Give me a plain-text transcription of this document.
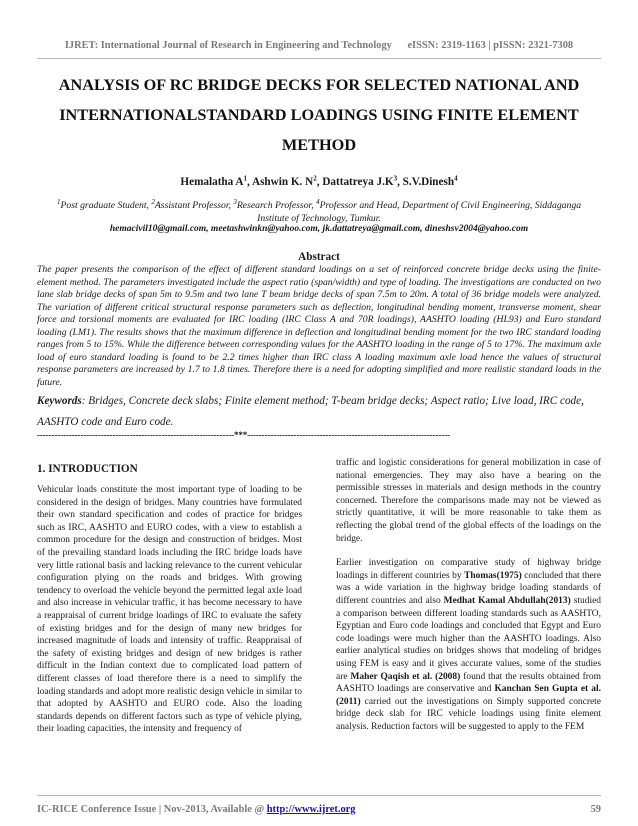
IJRET: International Journal of Research in Engineering and Technology eISSN: 2319-1163 | pISSN: 2321-7308
ANALYSIS OF RC BRIDGE DECKS FOR SELECTED NATIONAL AND INTERNATIONALSTANDARD LOADINGS USING FINITE ELEMENT METHOD
Hemalatha $A^1$, Ashwin K. $N^2$, Dattatreya $J.K^3$, S.V.Dinesh$^4$
$^1$Post graduate Student, $^2$Assistant Professor, $^3$Research Professor, $^4$Professor and Head, Department of Civil Engineering, Siddaganga Institute of Technology, Tumkur.
hemacivil10@gmail.com, meetashwinkn@yahoo.com, jk.dattatreya@gmail.com, dineshsv2004@yahoo.com
Abstract
The paper presents the comparison of the effect of different standard loadings on a set of reinforced concrete bridge decks using the finite-element method. The parameters investigated include the aspect ratio (span/width) and type of loading. The investigations are conducted on two lane slab bridge decks of span 5m to 9.5m and two lane T beam bridge decks of span 7.5m to 20m. A total of 36 bridge models were analyzed. The variation of different critical structural response parameters such as deflection, longitudinal bending moment, transverse moment, shear force and torsional moments are evaluated for IRC loading (IRC Class A and 70R loadings), AASHTO loading (HL93) and Euro standard loading (LM1). The results shows that the maximum difference in deflection and longitudinal bending moment for the two IRC standard loading ranges from 5 to 15%. While the difference between corresponding values for the AASHTO loading in the range of 5 to 17%. The maximum axle load of euro standard loading is found to be 2.2 times higher than IRC class A loading maximum axle load hence the values of structural response parameters are increased by 1.7 to 1.8 times. Therefore there is a need for adopting simplified and more realistic standard loads in the future.
Keywords: Bridges, Concrete deck slabs; Finite element method; T-beam bridge decks; Aspect ratio; Live load, IRC code, AASHTO code and Euro code.
--------------------------------------------------------------------***----------------------------------------------------------------------
1. INTRODUCTION

Vehicular loads constitute the most important type of loading to be considered in the design of bridges. Many countries have formulated their own standard specification and codes of practice for bridges such as IRC, AASHTO and EURO codes, with a view to establish a common procedure for the design and construction of bridges. Most of the prevailing standard loads including the IRC bridge loads have very little rational basis and lacking relevance to the current vehicular configuration plying on the roads and bridges. With growing tendency to overload the vehicle beyond the permitted legal axle load and also increase in vehicular traffic, it has become necessary to have a reappraisal of current bridge loadings of IRC to evaluate the safety of existing bridges and for the design of many new bridges for increased magnitude of loads and intensity of traffic. Reappraisal of the safety of existing bridges and design of new bridges is rather difficult in the Indian context due to complicated load pattern of different classes of load therefore there is a need to simplify the loading standards and adopt more realistic design vehicle in similar to that adopted by AASHTO and EURO code. Also the loading standards depends on different factors such as type of vehicle plying, their loading capacities, the intensity and frequency of

traffic and logistic considerations for general mobilization in case of national emergencies. They may also have a bearing on the permissible stresses in materials and design methods in the country concerned. Therefore the comparisons made may not be viewed as strictly quantitative, it will be more reasonable to take them as reflecting the global trend of the global effects of the loadings on the bridge.

Earlier investigation on comparative study of highway bridge loadings in different countries by Thomas(1975) concluded that there was a wide variation in the highway bridge loading standards of different countries and also Medhat Kamal Abdullah(2013) studied a comparison between different loading standards such as AASHTO, Egyptian and Euro code loadings and concluded that Egypt and Euro code loadings were much higher than the AASHTO loadings. Also earlier analytical studies on bridges shows that modeling of bridges using FEM is easy and it gives accurate values, some of the studies are Maher Qaqish et al. (2008) found that the results obtained from AASHTO loadings are conservative and Kanchan Sen Gupta et al.(2011) carried out the investigations on Simply supported concrete bridge deck slab for IRC vehicle loadings using finite element analysis. Reduction factors will be suggested to apply to the FEM

IC-RICE Conference Issue | Nov-2013, Available @ http://www.ijret.org	59
